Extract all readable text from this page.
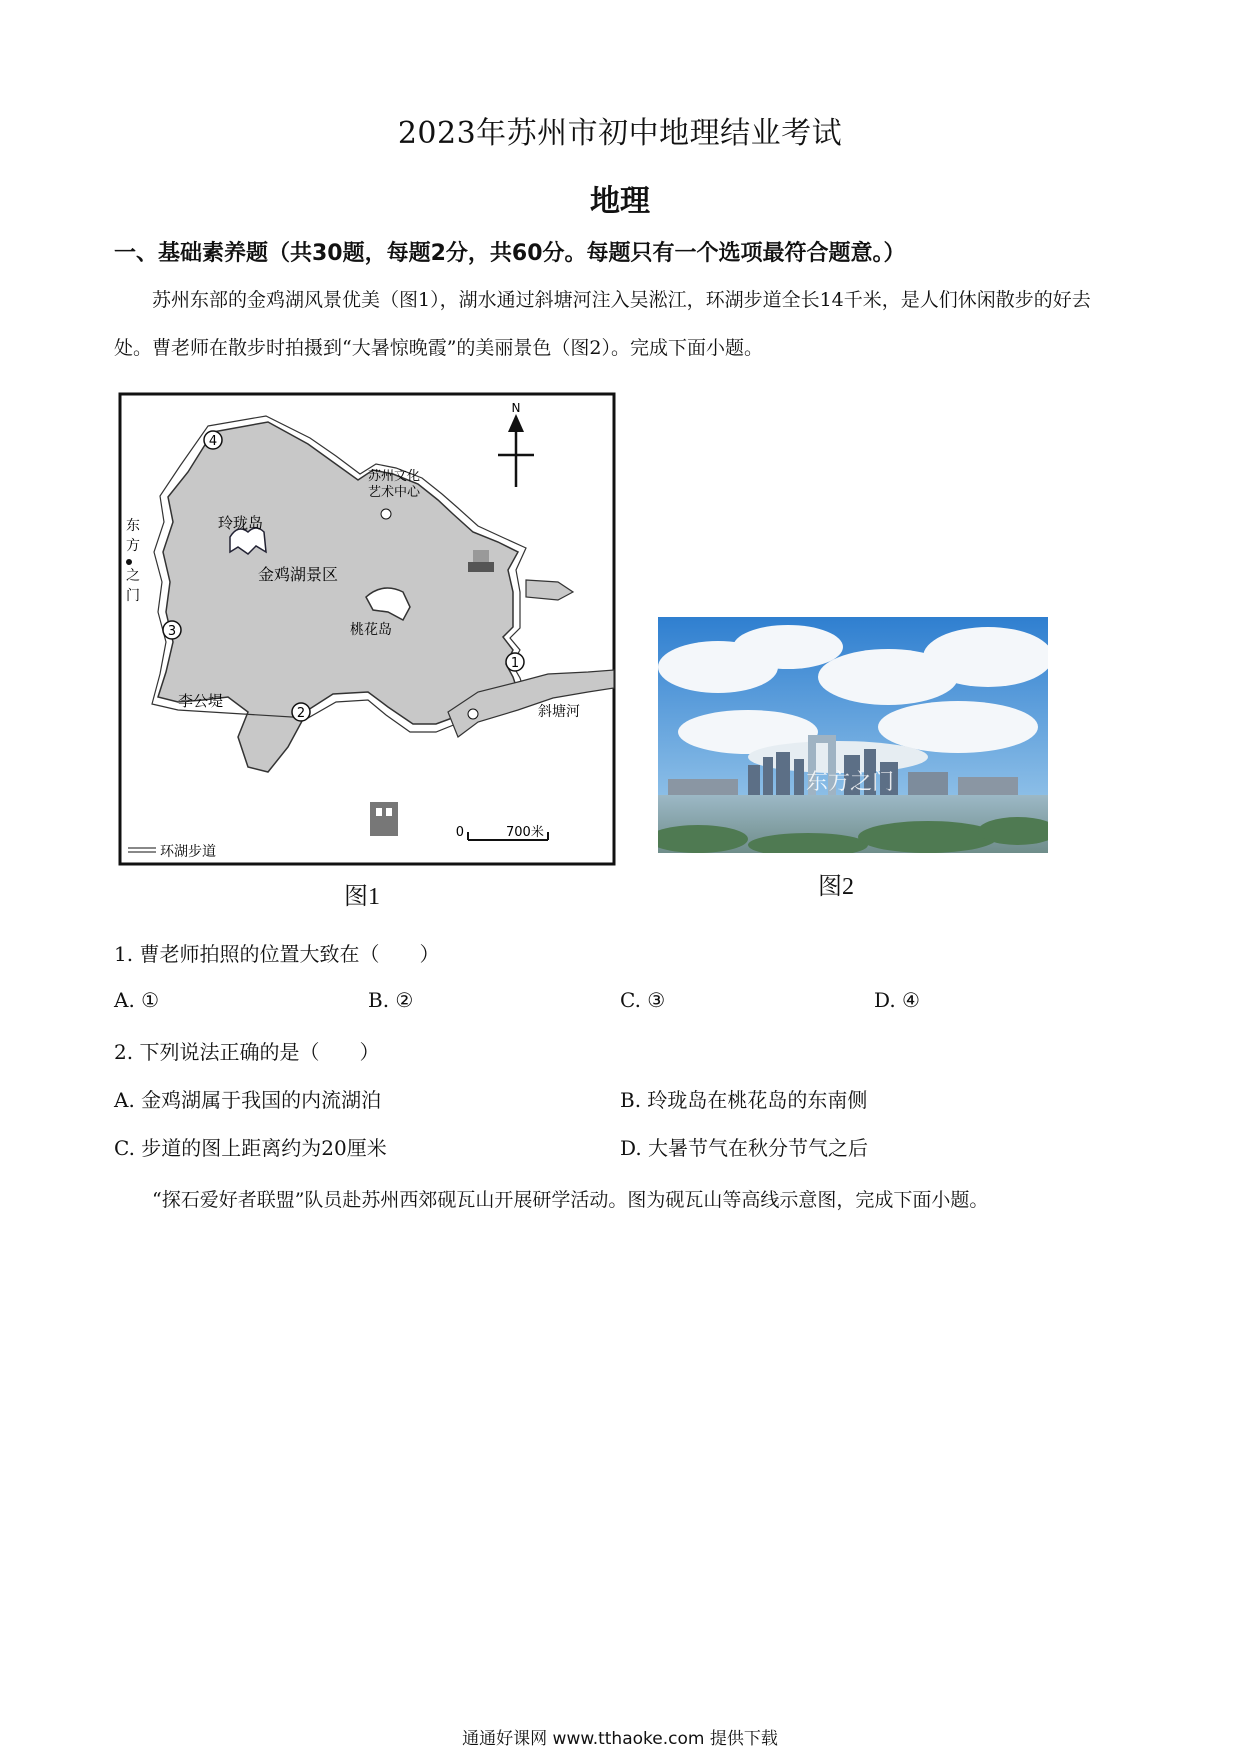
2023年苏州市初中地理结业考试
地理
一、基础素养题（共30题，每题2分，共60分。每题只有一个选项最符合题意。）
苏州东部的金鸡湖风景优美（图1），湖水通过斜塘河注入吴淞江，环湖步道全长14千米，是人们休闲散步的好去处。曹老师在散步时拍摄到“大暑惊晚霞”的美丽景色（图2）。完成下面小题。
N
4
3
2
1
金鸡湖景区
玲珑岛
桃花岛
苏州文化
艺术中心
东
方
之
门
李公堤
斜塘河
0	700米
环湖步道
图1
东方之门
图2
1. 曹老师拍照的位置大致在（　　）
A. ①	B. ②	C. ③	D. ④
2. 下列说法正确的是（　　）
A. 金鸡湖属于我国的内流湖泊	B. 玲珑岛在桃花岛的东南侧
C. 步道的图上距离约为20厘米	D. 大暑节气在秋分节气之后
“探石爱好者联盟”队员赴苏州西郊砚瓦山开展研学活动。图为砚瓦山等高线示意图，完成下面小题。
通通好课网 www.tthaoke.com 提供下载
